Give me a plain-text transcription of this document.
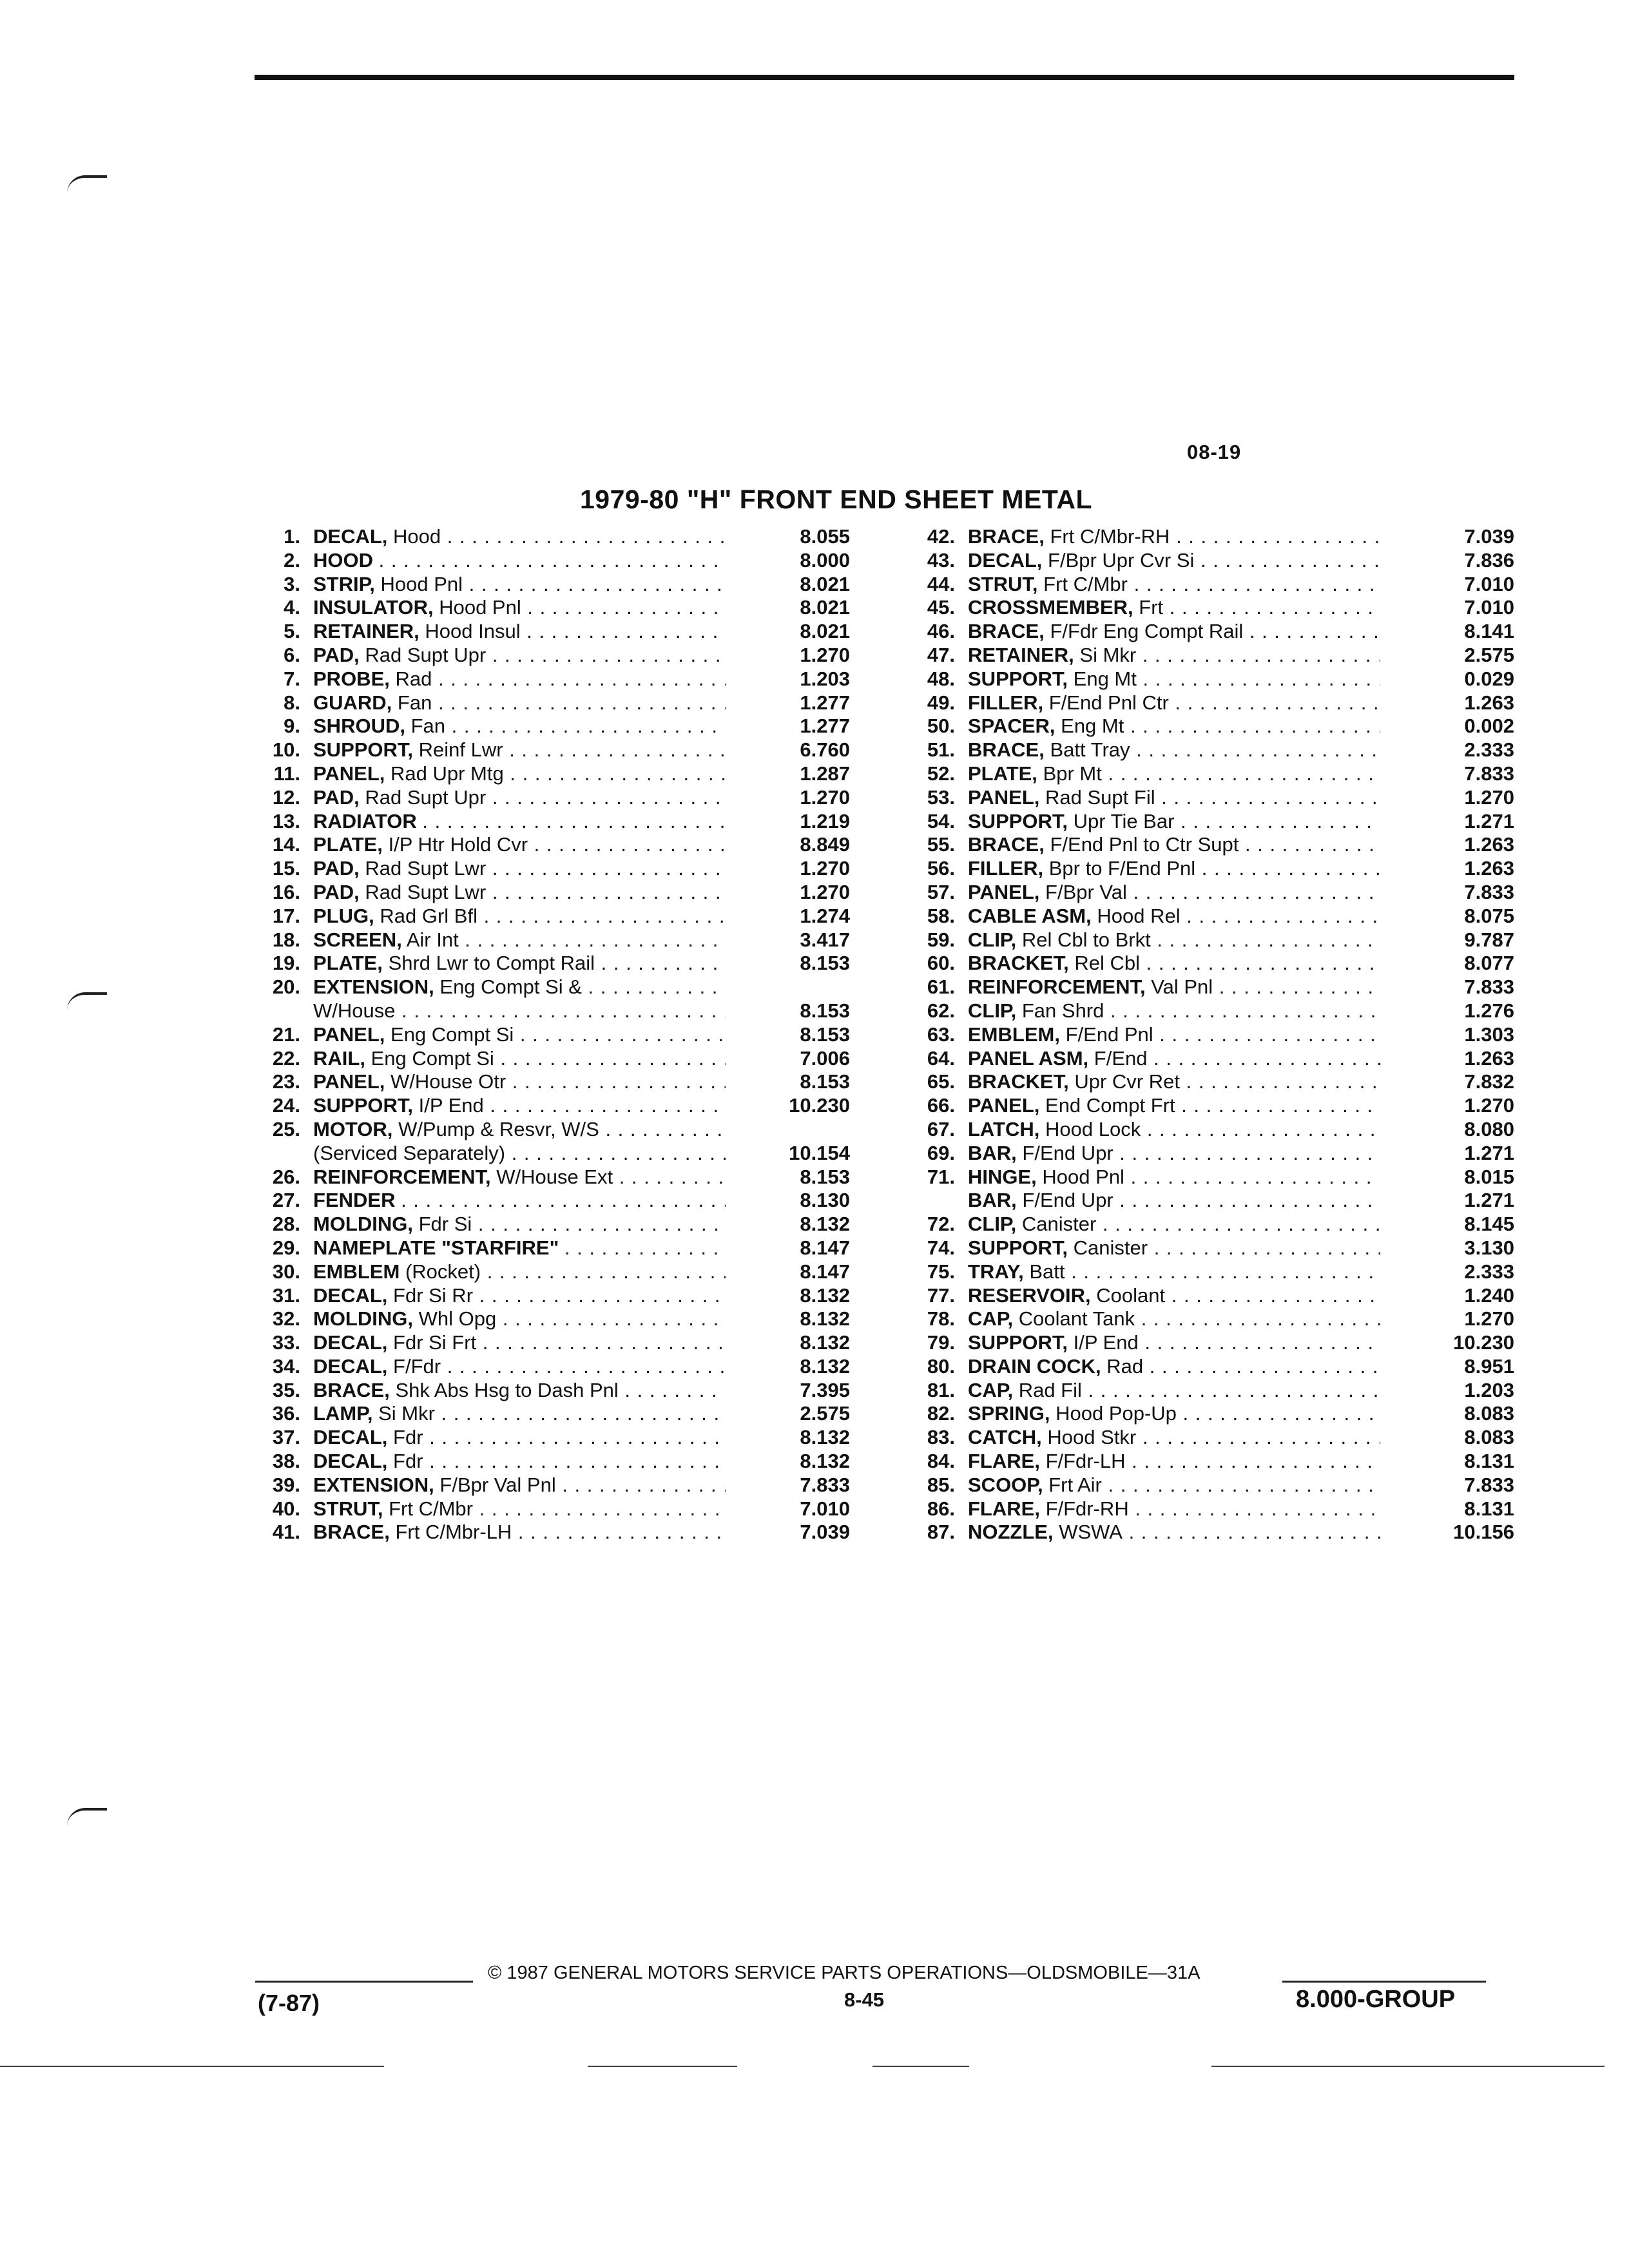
08-19
1979-80 "H" FRONT END SHEET METAL
1. DECAL, Hood . . .	8.055
2. HOOD . . .	8.000
3. STRIP, Hood Pnl . . .	8.021
4. INSULATOR, Hood Pnl . . .	8.021
5. RETAINER, Hood Insul . . .	8.021
6. PAD, Rad Supt Upr . . .	1.270
7. PROBE, Rad . . .	1.203
8. GUARD, Fan . . .	1.277
9. SHROUD, Fan . . .	1.277
10. SUPPORT, Reinf Lwr . . .	6.760
11. PANEL, Rad Upr Mtg . . .	1.287
12. PAD, Rad Supt Upr . . .	1.270
13. RADIATOR . . .	1.219
14. PLATE, I/P Htr Hold Cvr . . .	8.849
15. PAD, Rad Supt Lwr . . .	1.270
16. PAD, Rad Supt Lwr . . .	1.270
17. PLUG, Rad Grl Bfl . . .	1.274
18. SCREEN, Air Int . . .	3.417
19. PLATE, Shrd Lwr to Compt Rail . . .	8.153
20. EXTENSION, Eng Compt Si & . . .
W/House . . .	8.153
21. PANEL, Eng Compt Si . . .	8.153
22. RAIL, Eng Compt Si . . .	7.006
23. PANEL, W/House Otr . . .	8.153
24. SUPPORT, I/P End . . .	10.230
25. MOTOR, W/Pump & Resvr, W/S . . .
(Serviced Separately) . . .	10.154
26. REINFORCEMENT, W/House Ext . . .	8.153
27. FENDER . . .	8.130
28. MOLDING, Fdr Si . . .	8.132
29. NAMEPLATE "STARFIRE" . . .	8.147
30. EMBLEM (Rocket) . . .	8.147
31. DECAL, Fdr Si Rr . . .	8.132
32. MOLDING, Whl Opg . . .	8.132
33. DECAL, Fdr Si Frt . . .	8.132
34. DECAL, F/Fdr . . .	8.132
35. BRACE, Shk Abs Hsg to Dash Pnl . . .	7.395
36. LAMP, Si Mkr . . .	2.575
37. DECAL, Fdr . . .	8.132
38. DECAL, Fdr . . .	8.132
39. EXTENSION, F/Bpr Val Pnl . . .	7.833
40. STRUT, Frt C/Mbr . . .	7.010
41. BRACE, Frt C/Mbr-LH . . .	7.039
42. BRACE, Frt C/Mbr-RH . . .	7.039
43. DECAL, F/Bpr Upr Cvr Si . . .	7.836
44. STRUT, Frt C/Mbr . . .	7.010
45. CROSSMEMBER, Frt . . .	7.010
46. BRACE, F/Fdr Eng Compt Rail . . .	8.141
47. RETAINER, Si Mkr . . .	2.575
48. SUPPORT, Eng Mt . . .	0.029
49. FILLER, F/End Pnl Ctr . . .	1.263
50. SPACER, Eng Mt . . .	0.002
51. BRACE, Batt Tray . . .	2.333
52. PLATE, Bpr Mt . . .	7.833
53. PANEL, Rad Supt Fil . . .	1.270
54. SUPPORT, Upr Tie Bar . . .	1.271
55. BRACE, F/End Pnl to Ctr Supt . . .	1.263
56. FILLER, Bpr to F/End Pnl . . .	1.263
57. PANEL, F/Bpr Val . . .	7.833
58. CABLE ASM, Hood Rel . . .	8.075
59. CLIP, Rel Cbl to Brkt . . .	9.787
60. BRACKET, Rel Cbl . . .	8.077
61. REINFORCEMENT, Val Pnl . . .	7.833
62. CLIP, Fan Shrd . . .	1.276
63. EMBLEM, F/End Pnl . . .	1.303
64. PANEL ASM, F/End . . .	1.263
65. BRACKET, Upr Cvr Ret . . .	7.832
66. PANEL, End Compt Frt . . .	1.270
67. LATCH, Hood Lock . . .	8.080
69. BAR, F/End Upr . . .	1.271
71. HINGE, Hood Pnl . . .	8.015
BAR, F/End Upr . . .	1.271
72. CLIP, Canister . . .	8.145
74. SUPPORT, Canister . . .	3.130
75. TRAY, Batt . . .	2.333
77. RESERVOIR, Coolant . . .	1.240
78. CAP, Coolant Tank . . .	1.270
79. SUPPORT, I/P End . . .	10.230
80. DRAIN COCK, Rad . . .	8.951
81. CAP, Rad Fil . . .	1.203
82. SPRING, Hood Pop-Up . . .	8.083
83. CATCH, Hood Stkr . . .	8.083
84. FLARE, F/Fdr-LH . . .	8.131
85. SCOOP, Frt Air . . .	7.833
86. FLARE, F/Fdr-RH . . .	8.131
87. NOZZLE, WSWA . . .	10.156
© 1987 GENERAL MOTORS SERVICE PARTS OPERATIONS—OLDSMOBILE—31A
(7-87)	8-45	8.000-GROUP
